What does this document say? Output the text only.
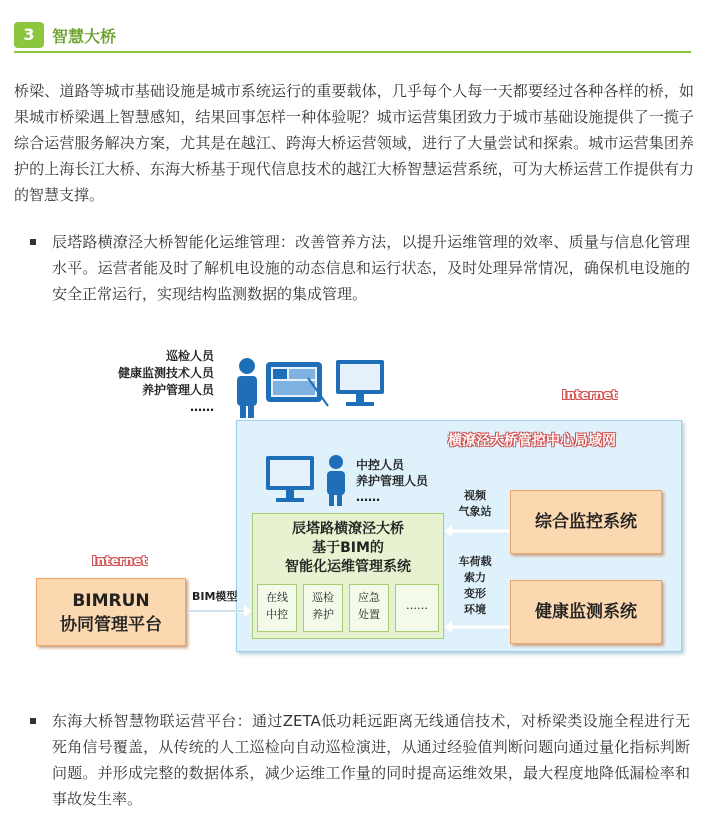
3	智慧大桥

桥梁、道路等城市基础设施是城市系统运行的重要载体，几乎每个人每一天都要经过各种各样的桥，如果城市桥梁遇上智慧感知，结果回事怎样一种体验呢？城市运营集团致力于城市基础设施提供了一揽子综合运营服务解决方案，尤其是在越江、跨海大桥运营领域，进行了大量尝试和探索。城市运营集团养护的上海长江大桥、东海大桥基于现代信息技术的越江大桥智慧运营系统，可为大桥运营工作提供有力的智慧支撑。

辰塔路横潦泾大桥智能化运维管理：改善管养方法，以提升运维管理的效率、质量与信息化管理水平。运营者能及时了解机电设施的动态信息和运行状态，及时处理异常情况，确保机电设施的安全正常运行，实现结构监测数据的集成管理。
巡检人员
健康监测技术人员
养护管理人员
……
Internet
横潦泾大桥管控中心局域网
中控人员
养护管理人员
……
辰塔路横潦泾大桥
基于BIM的
智能化运维管理系统
在线
中控
巡检
养护
应急
处置
……
Internet
BIMRUN
协同管理平台
BIM模型
综合监控系统
健康监测系统
视频
气象站
车荷载
索力
变形
环境
东海大桥智慧物联运营平台：通过ZETA低功耗远距离无线通信技术，对桥梁类设施全程进行无死角信号覆盖，从传统的人工巡检向自动巡检演进，从通过经验值判断问题向通过量化指标判断问题。并形成完整的数据体系，减少运维工作量的同时提高运维效果，最大程度地降低漏检率和事故发生率。
